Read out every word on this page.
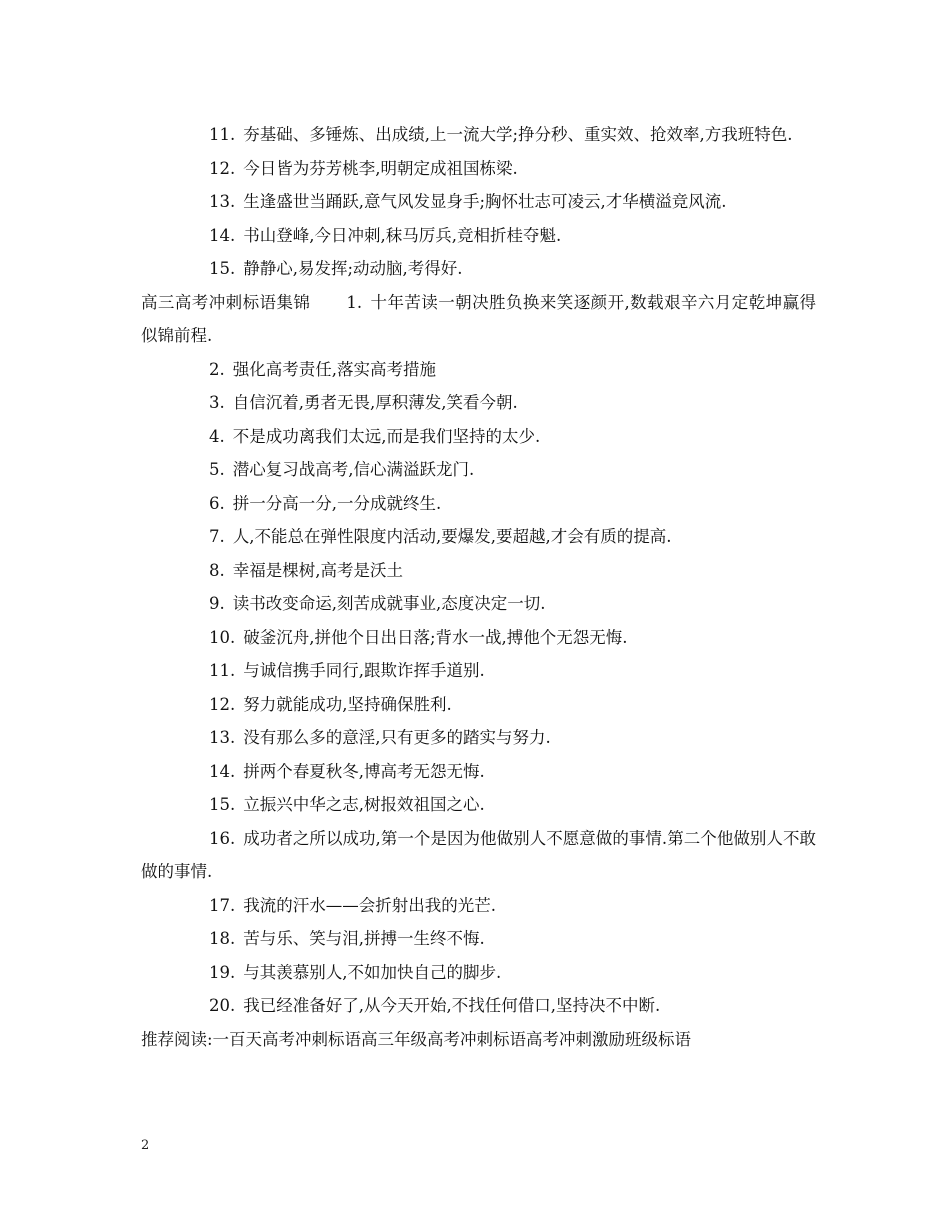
11. 夯基础、多锤炼、出成绩,上一流大学;挣分秒、重实效、抢效率,方我班特色.

12. 今日皆为芬芳桃李,明朝定成祖国栋梁.

13. 生逢盛世当踊跃,意气风发显身手;胸怀壮志可凌云,才华横溢竞风流.

14. 书山登峰,今日冲刺,秣马厉兵,竞相折桂夺魁.

15. 静静心,易发挥;动动脑,考得好.

高三高考冲刺标语集锦 1. 十年苦读一朝决胜负换来笑逐颜开,数载艰辛六月定乾坤赢得似锦前程.

2. 强化高考责任,落实高考措施

3. 自信沉着,勇者无畏,厚积薄发,笑看今朝.

4. 不是成功离我们太远,而是我们坚持的太少.

5. 潜心复习战高考,信心满溢跃龙门.

6. 拼一分高一分,一分成就终生.

7. 人,不能总在弹性限度内活动,要爆发,要超越,才会有质的提高.

8. 幸福是棵树,高考是沃土

9. 读书改变命运,刻苦成就事业,态度决定一切.

10. 破釜沉舟,拼他个日出日落;背水一战,搏他个无怨无悔.

11. 与诚信携手同行,跟欺诈挥手道别.

12. 努力就能成功,坚持确保胜利.

13. 没有那么多的意淫,只有更多的踏实与努力.

14. 拼两个春夏秋冬,博高考无怨无悔.

15. 立振兴中华之志,树报效祖国之心.

16. 成功者之所以成功,第一个是因为他做别人不愿意做的事情.第二个他做别人不敢做的事情.

17. 我流的汗水——会折射出我的光芒.

18. 苦与乐、笑与泪,拼搏一生终不悔.

19. 与其羡慕别人,不如加快自己的脚步.

20. 我已经准备好了,从今天开始,不找任何借口,坚持决不中断.

推荐阅读:一百天高考冲刺标语高三年级高考冲刺标语高考冲刺激励班级标语

2
